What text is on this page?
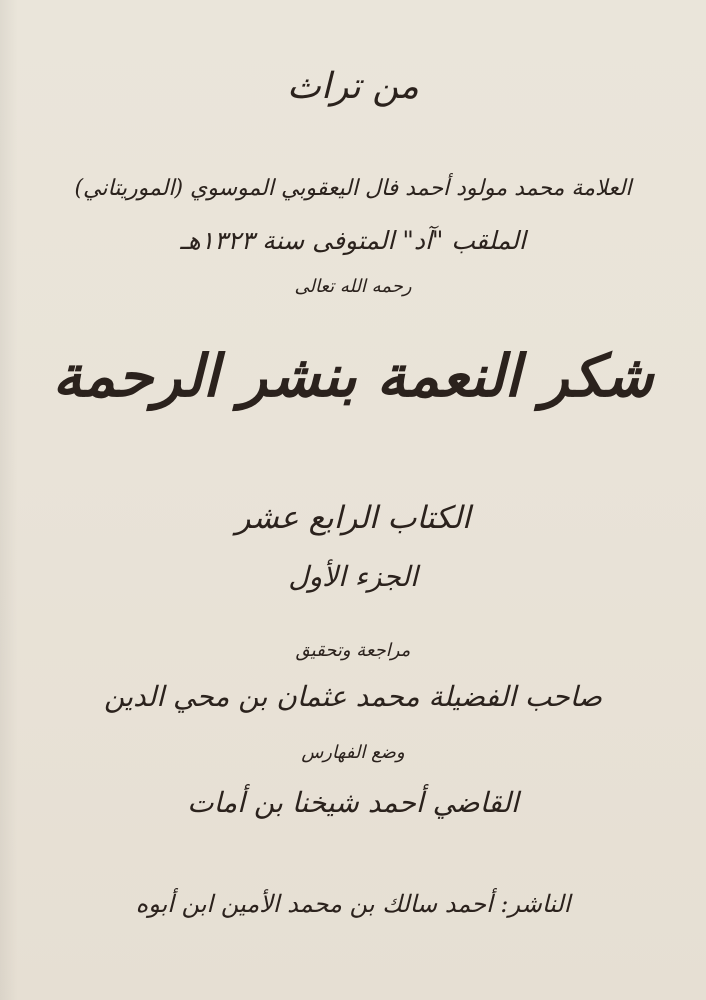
من تراث
العلامة محمد مولود أحمد فال اليعقوبي الموسوي (الموريتاني)
الملقب "آد" المتوفى سنة ١٣٢٣هـ
رحمه الله تعالى
شكر النعمة بنشر الرحمة
الكتاب الرابع عشر
الجزء الأول
مراجعة وتحقيق
صاحب الفضيلة محمد عثمان بن محي الدين
وضع الفهارس
القاضي أحمد شيخنا بن أمات
الناشر: أحمد سالك بن محمد الأمين ابن أبوه
